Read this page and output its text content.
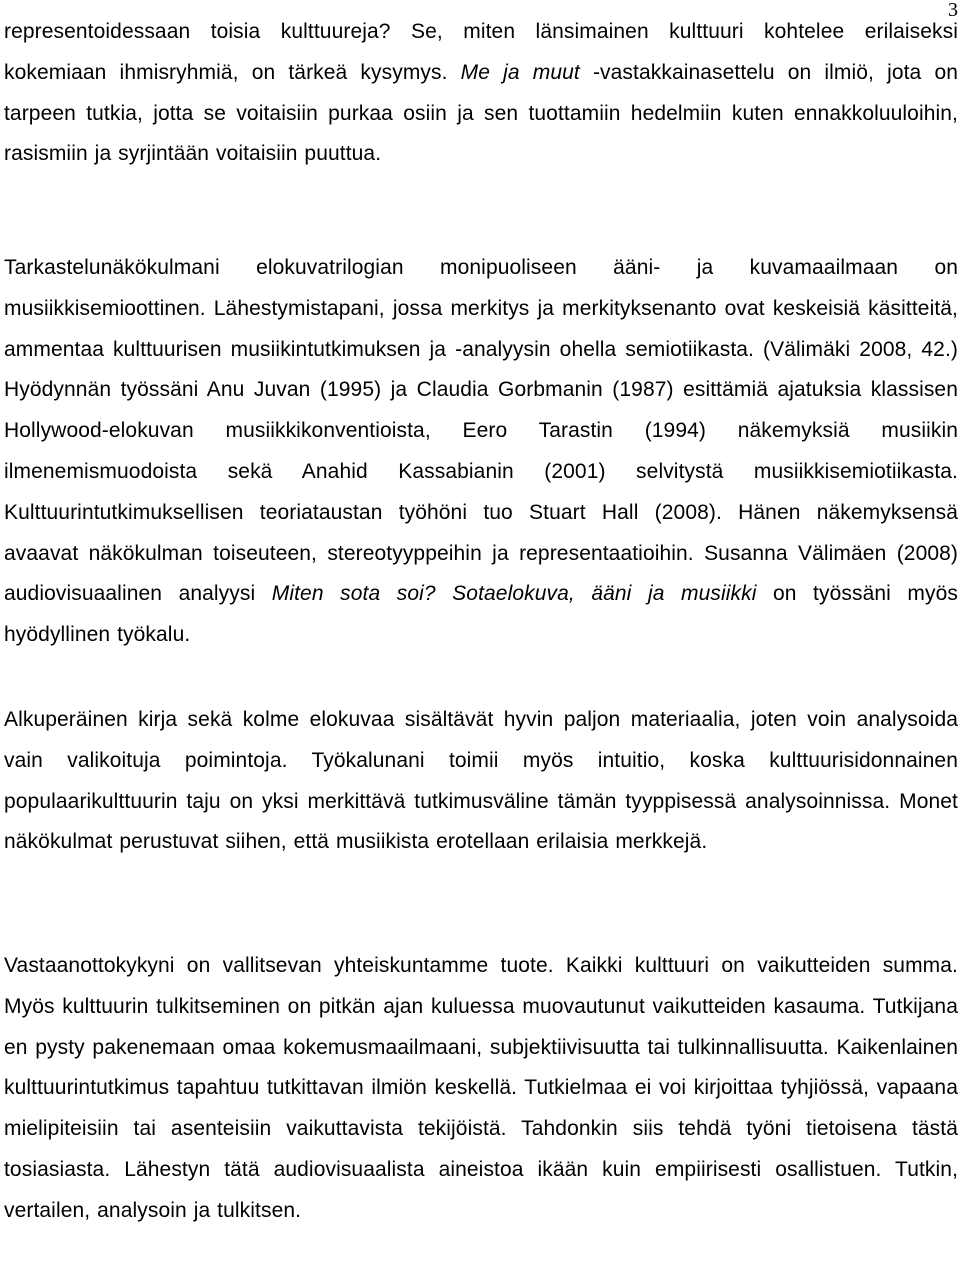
3

representoidessaan toisia kulttuureja? Se, miten länsimainen kulttuuri kohtelee erilaiseksi kokemiaan ihmisryhmiä, on tärkeä kysymys. Me ja muut -vastakkainasettelu on ilmiö, jota on tarpeen tutkia, jotta se voitaisiin purkaa osiin ja sen tuottamiin hedelmiin kuten ennakkoluuloihin, rasismiin ja syrjintään voitaisiin puuttua.

Tarkastelunäkökulmani elokuvatrilogian monipuoliseen ääni- ja kuvamaailmaan on musiikkisemioottinen. Lähestymistapani, jossa merkitys ja merkityksenanto ovat keskeisiä käsitteitä, ammentaa kulttuurisen musiikintutkimuksen ja -analyysin ohella semiotiikasta. (Välimäki 2008, 42.) Hyödynnän työssäni Anu Juvan (1995) ja Claudia Gorbmanin (1987) esittämiä ajatuksia klassisen Hollywood-elokuvan musiikkikonventioista, Eero Tarastin (1994) näkemyksiä musiikin ilmenemismuodoista sekä Anahid Kassabianin (2001) selvitystä musiikkisemiotiikasta. Kulttuurintutkimuksellisen teoriataustan työhöni tuo Stuart Hall (2008). Hänen näkemyksensä avaavat näkökulman toiseuteen, stereotyyppeihin ja representaatioihin. Susanna Välimäen (2008) audiovisuaalinen analyysi Miten sota soi? Sotaelokuva, ääni ja musiikki on työssäni myös hyödyllinen työkalu.

Alkuperäinen kirja sekä kolme elokuvaa sisältävät hyvin paljon materiaalia, joten voin analysoida vain valikoituja poimintoja. Työkalunani toimii myös intuitio, koska kulttuurisidonnainen populaarikulttuurin taju on yksi merkittävä tutkimusväline tämän tyyppisessä analysoinnissa. Monet näkökulmat perustuvat siihen, että musiikista erotellaan erilaisia merkkejä.

Vastaanottokykyni on vallitsevan yhteiskuntamme tuote. Kaikki kulttuuri on vaikutteiden summa. Myös kulttuurin tulkitseminen on pitkän ajan kuluessa muovautunut vaikutteiden kasauma. Tutkijana en pysty pakenemaan omaa kokemusmaailmaani, subjektiivisuutta tai tulkinnallisuutta. Kaikenlainen kulttuurintutkimus tapahtuu tutkittavan ilmiön keskellä. Tutkielmaa ei voi kirjoittaa tyhjiössä, vapaana mielipiteisiin tai asenteisiin vaikuttavista tekijöistä. Tahdonkin siis tehdä työni tietoisena tästä tosiasiasta. Lähestyn tätä audiovisuaalista aineistoa ikään kuin empiirisesti osallistuen. Tutkin, vertailen, analysoin ja tulkitsen.
